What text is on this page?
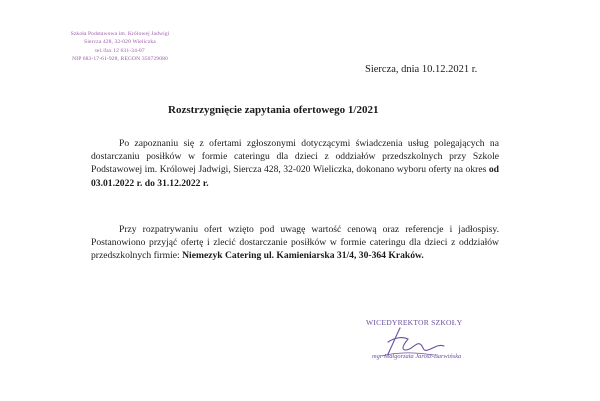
Szkoła Podstawowa im. Królowej Jadwigi
Sierczа 428, 32-020 Wieliczka
tel./fax 12 631-34-07
NIP 683-17-61-928, REGON 350729080
Sierczа, dnia 10.12.2021 r.
Rozstrzygnięcie zapytania ofertowego 1/2021
Po zapoznaniu się z ofertami zgłoszonymi dotyczącymi świadczenia usług polegających na dostarczaniu posiłków w formie cateringu dla dzieci z oddziałów przedszkolnych przy Szkole Podstawowej im. Królowej Jadwigi, Sierczа 428, 32-020 Wieliczka, dokonano wyboru oferty na okres od 03.01.2022 r. do 31.12.2022 r.
Przy rozpatrywaniu ofert wzięto pod uwagę wartość cenową oraz referencje i jadłospisy. Postanowiono przyjąć ofertę i zlecić dostarczanie posiłków w formie cateringu dla dzieci z oddziałów przedszkolnych firmie: Niemezyk Catering ul. Kamieniarska 31/4, 30-364 Kraków.
WICEDYREKTOR SZKOŁY
mgr Małgorzata Jarosz-Barwińska
